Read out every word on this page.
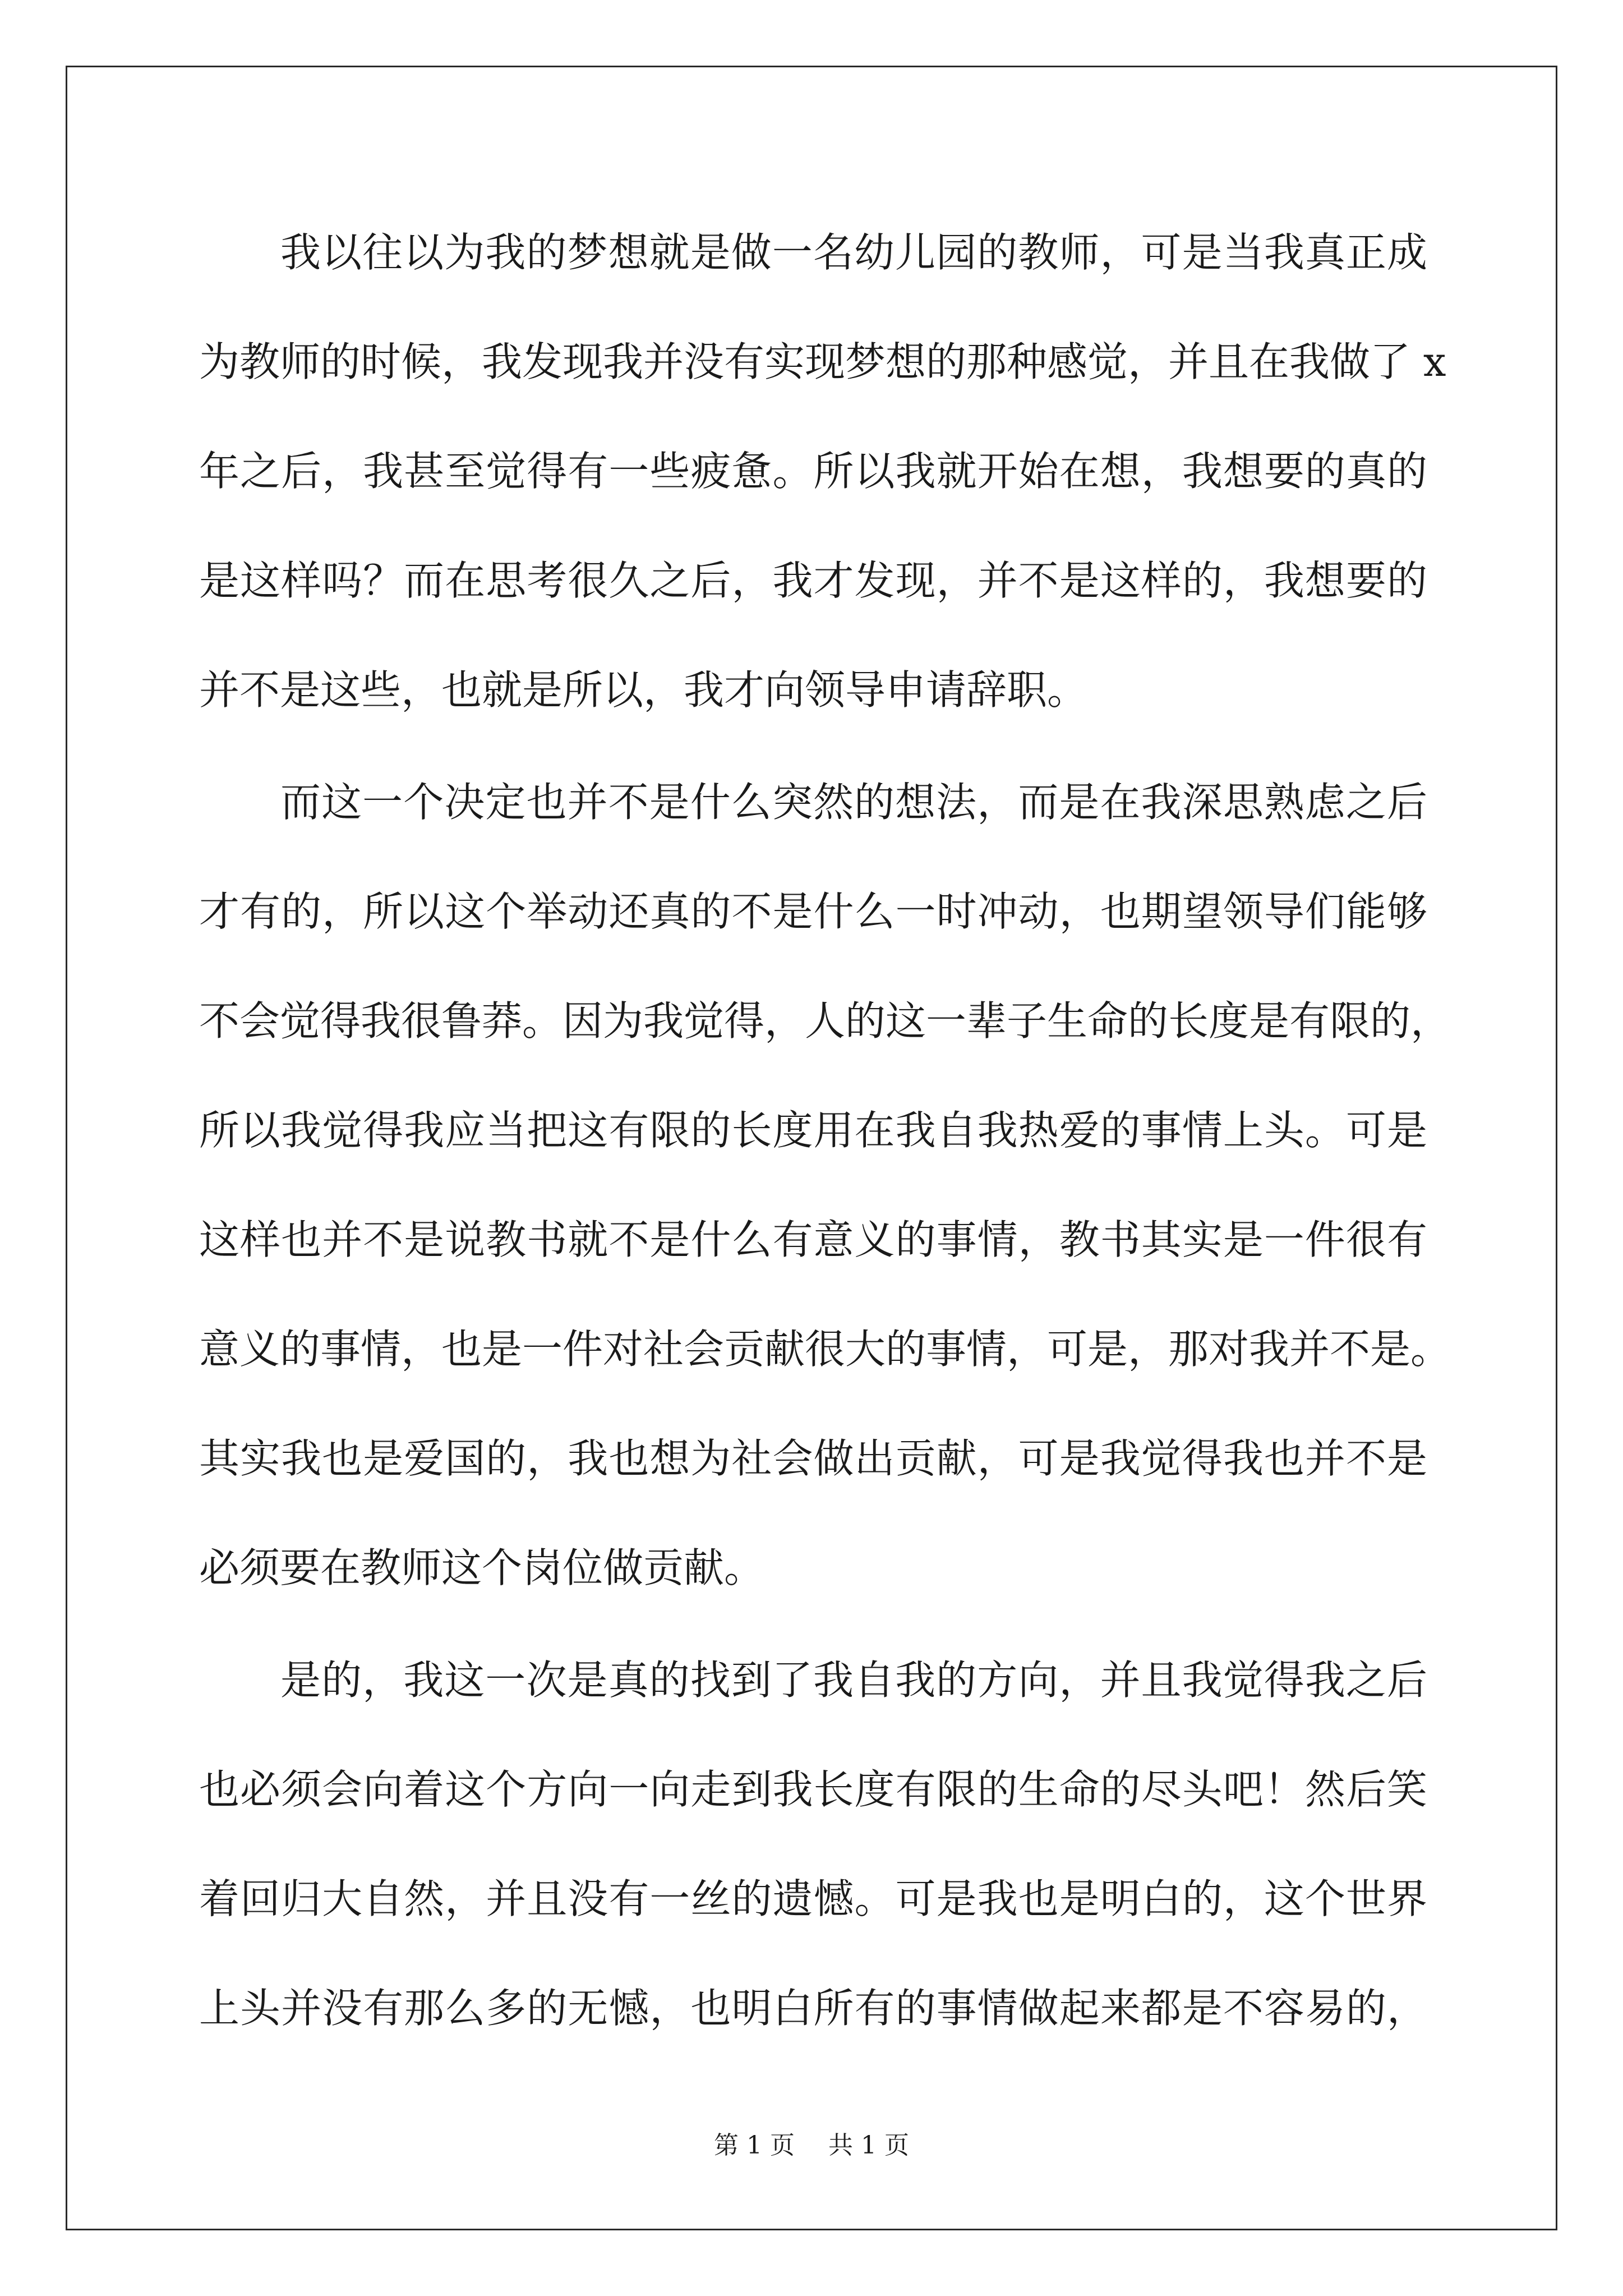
我以往以为我的梦想就是做一名幼儿园的教师，可是当我真正成
为教师的时候，我发现我并没有实现梦想的那种感觉，并且在我做了 x
年之后，我甚至觉得有一些疲惫。所以我就开始在想，我想要的真的
是这样吗？而在思考很久之后，我才发现，并不是这样的，我想要的
并不是这些，也就是所以，我才向领导申请辞职。
而这一个决定也并不是什么突然的想法，而是在我深思熟虑之后
才有的，所以这个举动还真的不是什么一时冲动，也期望领导们能够
不会觉得我很鲁莽。因为我觉得，人的这一辈子生命的长度是有限的，
所以我觉得我应当把这有限的长度用在我自我热爱的事情上头。可是
这样也并不是说教书就不是什么有意义的事情，教书其实是一件很有
意义的事情，也是一件对社会贡献很大的事情，可是，那对我并不是。
其实我也是爱国的，我也想为社会做出贡献，可是我觉得我也并不是
必须要在教师这个岗位做贡献。
是的，我这一次是真的找到了我自我的方向，并且我觉得我之后
也必须会向着这个方向一向走到我长度有限的生命的尽头吧！然后笑
着回归大自然，并且没有一丝的遗憾。可是我也是明白的，这个世界
上头并没有那么多的无憾，也明白所有的事情做起来都是不容易的，
第 1 页 共 1 页
